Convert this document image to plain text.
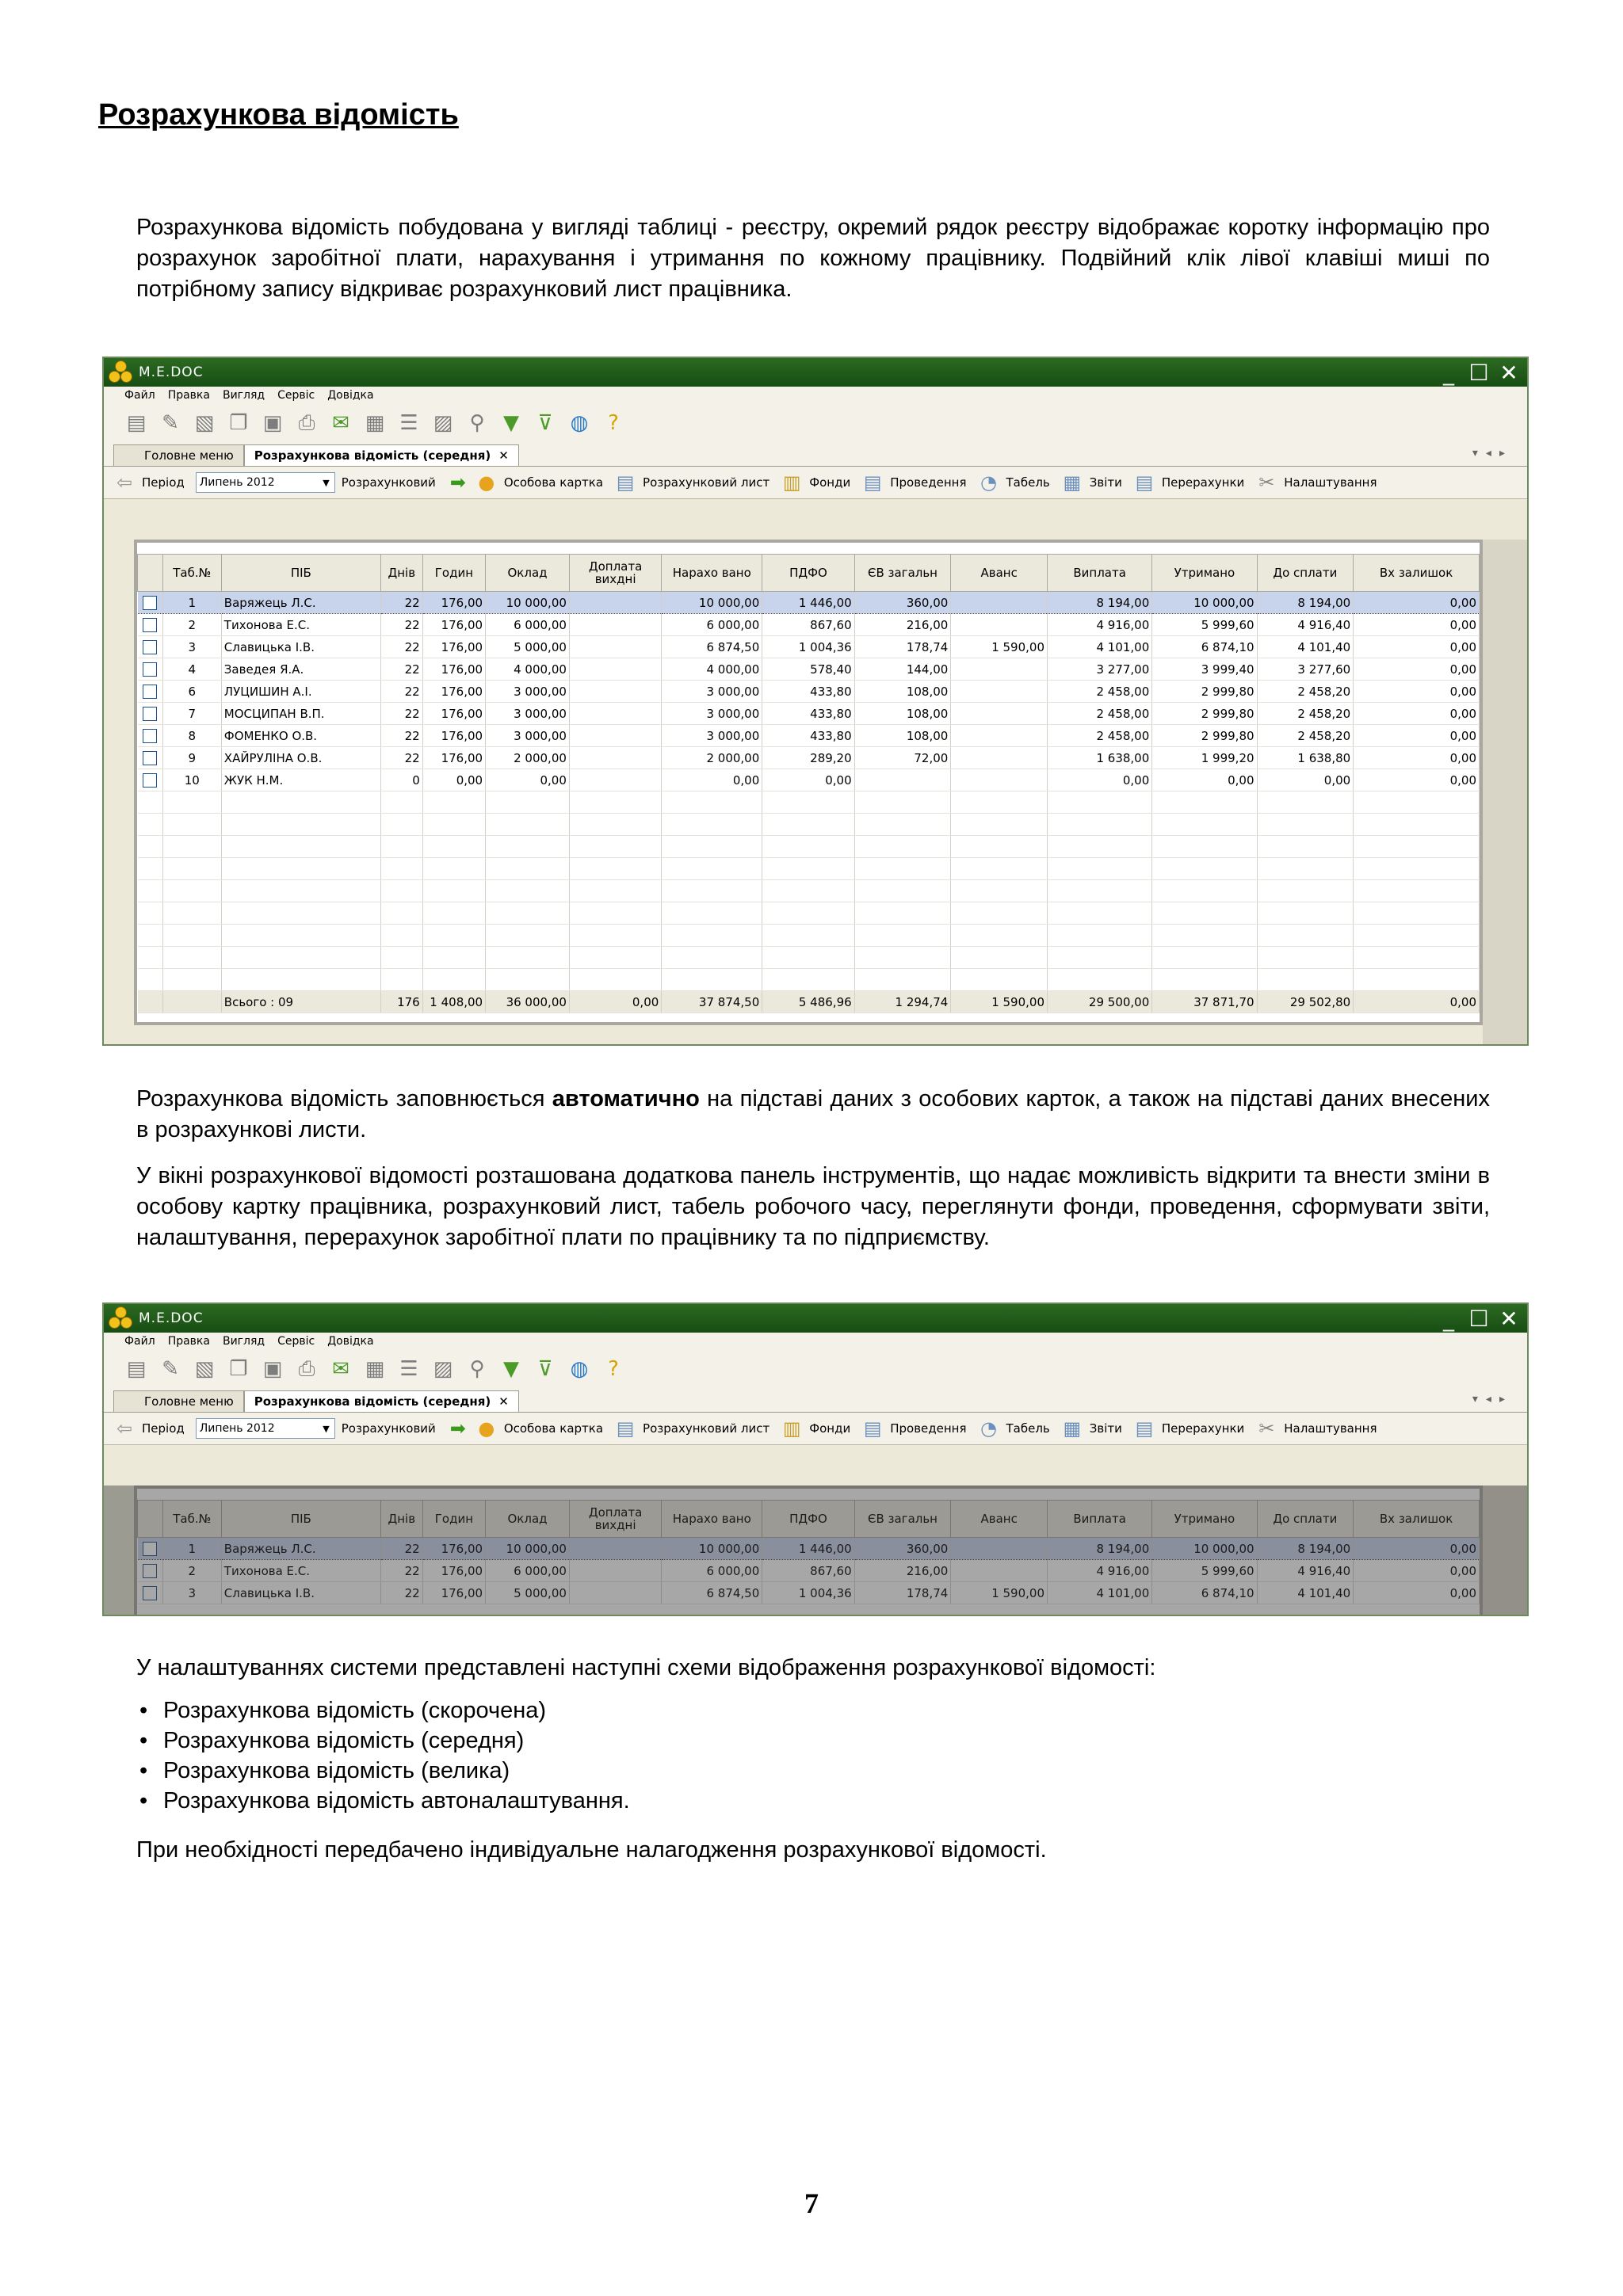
Розрахункова відомість
Розрахункова відомість побудована у вигляді таблиці - реєстру, окремий рядок реєстру відображає коротку інформацію про розрахунок заробітної плати, нарахування і утримання по кожному працівнику. Подвійний клік лівої клавіші миші по потрібному запису відкриває розрахунковий лист працівника.
M.E.DOC	_ ☐ ✕
Файл Правка Вигляд Сервіс Довідка
▤ ✎ ▧ ❐ ▣ ⎙ ✉ ▦ ☰ ▨ ⚲ ▼ ⊽ ◍ ?
Головне меню	Розрахункова відомість (середня) ✕	▾◂▸
⇦ Період Липень 2012	▼	Розрахунковий ➡ ● Особова картка ▤ Розрахунковий лист ▥ Фонди ▤ Проведення ◔ Табель ▦ Звіти ▤ Перерахунки ✂ Налаштування
	Таб.№	ПІБ	Днів	Годин	Оклад	Доплата вихдні	Нарахо вано	ПДФО	ЄВ загальн	Аванс	Виплата	Утримано	До сплати	Вх залишок
	1	Варяжець Л.С.	22	176,00	10 000,00		10 000,00	1 446,00	360,00		8 194,00	10 000,00	8 194,00	0,00
	2	Тихонова Е.С.	22	176,00	6 000,00		6 000,00	867,60	216,00		4 916,00	5 999,60	4 916,40	0,00
	3	Славицька І.В.	22	176,00	5 000,00		6 874,50	1 004,36	178,74	1 590,00	4 101,00	6 874,10	4 101,40	0,00
	4	Заведея Я.А.	22	176,00	4 000,00		4 000,00	578,40	144,00		3 277,00	3 999,40	3 277,60	0,00
	6	ЛУЦИШИН А.І.	22	176,00	3 000,00		3 000,00	433,80	108,00		2 458,00	2 999,80	2 458,20	0,00
	7	МОСЦИПАН В.П.	22	176,00	3 000,00		3 000,00	433,80	108,00		2 458,00	2 999,80	2 458,20	0,00
	8	ФОМЕНКО О.В.	22	176,00	3 000,00		3 000,00	433,80	108,00		2 458,00	2 999,80	2 458,20	0,00
	9	ХАЙРУЛІНА О.В.	22	176,00	2 000,00		2 000,00	289,20	72,00		1 638,00	1 999,20	1 638,80	0,00
	10	ЖУК Н.М.	0	0,00	0,00		0,00	0,00			0,00	0,00	0,00	0,00

		Всього : 09	176	1 408,00	36 000,00	0,00	37 874,50	5 486,96	1 294,74	1 590,00	29 500,00	37 871,70	29 502,80	0,00
Розрахункова відомість заповнюється автоматично на підставі даних з особових карток, а також на підставі даних внесених в розрахункові листи.
У вікні розрахункової відомості розташована додаткова панель інструментів, що надає можливість відкрити та внести зміни в особову картку працівника, розрахунковий лист, табель робочого часу, переглянути фонди, проведення, сформувати звіти, налаштування, перерахунок заробітної плати по працівнику та по підприємству.
M.E.DOC	_ ☐ ✕
Файл Правка Вигляд Сервіс Довідка
▤ ✎ ▧ ❐ ▣ ⎙ ✉ ▦ ☰ ▨ ⚲ ▼ ⊽ ◍ ?
Головне меню	Розрахункова відомість (середня) ✕	▾◂▸
⇦ Період Липень 2012	▼	Розрахунковий ➡ ● Особова картка ▤ Розрахунковий лист ▥ Фонди ▤ Проведення ◔ Табель ▦ Звіти ▤ Перерахунки ✂ Налаштування
	Таб.№	ПІБ	Днів	Годин	Оклад	Доплата вихдні	Нарахо вано	ПДФО	ЄВ загальн	Аванс	Виплата	Утримано	До сплати	Вх залишок
	1	Варяжець Л.С.	22	176,00	10 000,00		10 000,00	1 446,00	360,00		8 194,00	10 000,00	8 194,00	0,00
	2	Тихонова Е.С.	22	176,00	6 000,00		6 000,00	867,60	216,00		4 916,00	5 999,60	4 916,40	0,00
	3	Славицька І.В.	22	176,00	5 000,00		6 874,50	1 004,36	178,74	1 590,00	4 101,00	6 874,10	4 101,40	0,00
У налаштуваннях системи представлені наступні схеми відображення розрахункової відомості:
• Розрахункова відомість (скорочена)
• Розрахункова відомість (середня)
• Розрахункова відомість (велика)
• Розрахункова відомість автоналаштування.
При необхідності передбачено індивідуальне налагодження розрахункової відомості.
7
